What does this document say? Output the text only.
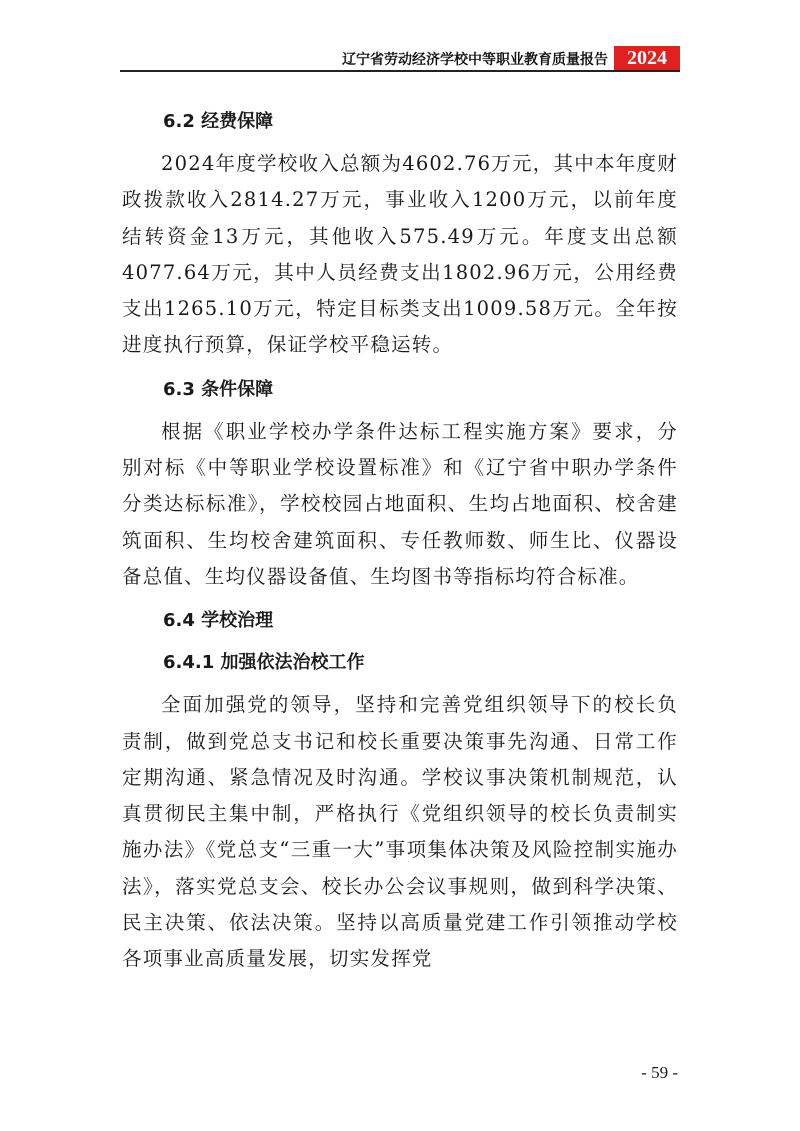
辽宁省劳动经济学校中等职业教育质量报告 2024
6.2 经费保障

2024年度学校收入总额为4602.76万元，其中本年度财政拨款收入2814.27万元，事业收入1200万元，以前年度结转资金13万元，其他收入575.49万元。年度支出总额4077.64万元，其中人员经费支出1802.96万元，公用经费支出1265.10万元，特定目标类支出1009.58万元。全年按进度执行预算，保证学校平稳运转。

6.3 条件保障

根据《职业学校办学条件达标工程实施方案》要求，分别对标《中等职业学校设置标准》和《辽宁省中职办学条件分类达标标准》，学校校园占地面积、生均占地面积、校舍建筑面积、生均校舍建筑面积、专任教师数、师生比、仪器设备总值、生均仪器设备值、生均图书等指标均符合标准。

6.4 学校治理
6.4.1 加强依法治校工作

全面加强党的领导，坚持和完善党组织领导下的校长负责制，做到党总支书记和校长重要决策事先沟通、日常工作定期沟通、紧急情况及时沟通。学校议事决策机制规范，认真贯彻民主集中制，严格执行《党组织领导的校长负责制实施办法》《党总支“三重一大”事项集体决策及风险控制实施办法》，落实党总支会、校长办公会议事规则，做到科学决策、民主决策、依法决策。坚持以高质量党建工作引领推动学校各项事业高质量发展，切实发挥党

- 59 -
